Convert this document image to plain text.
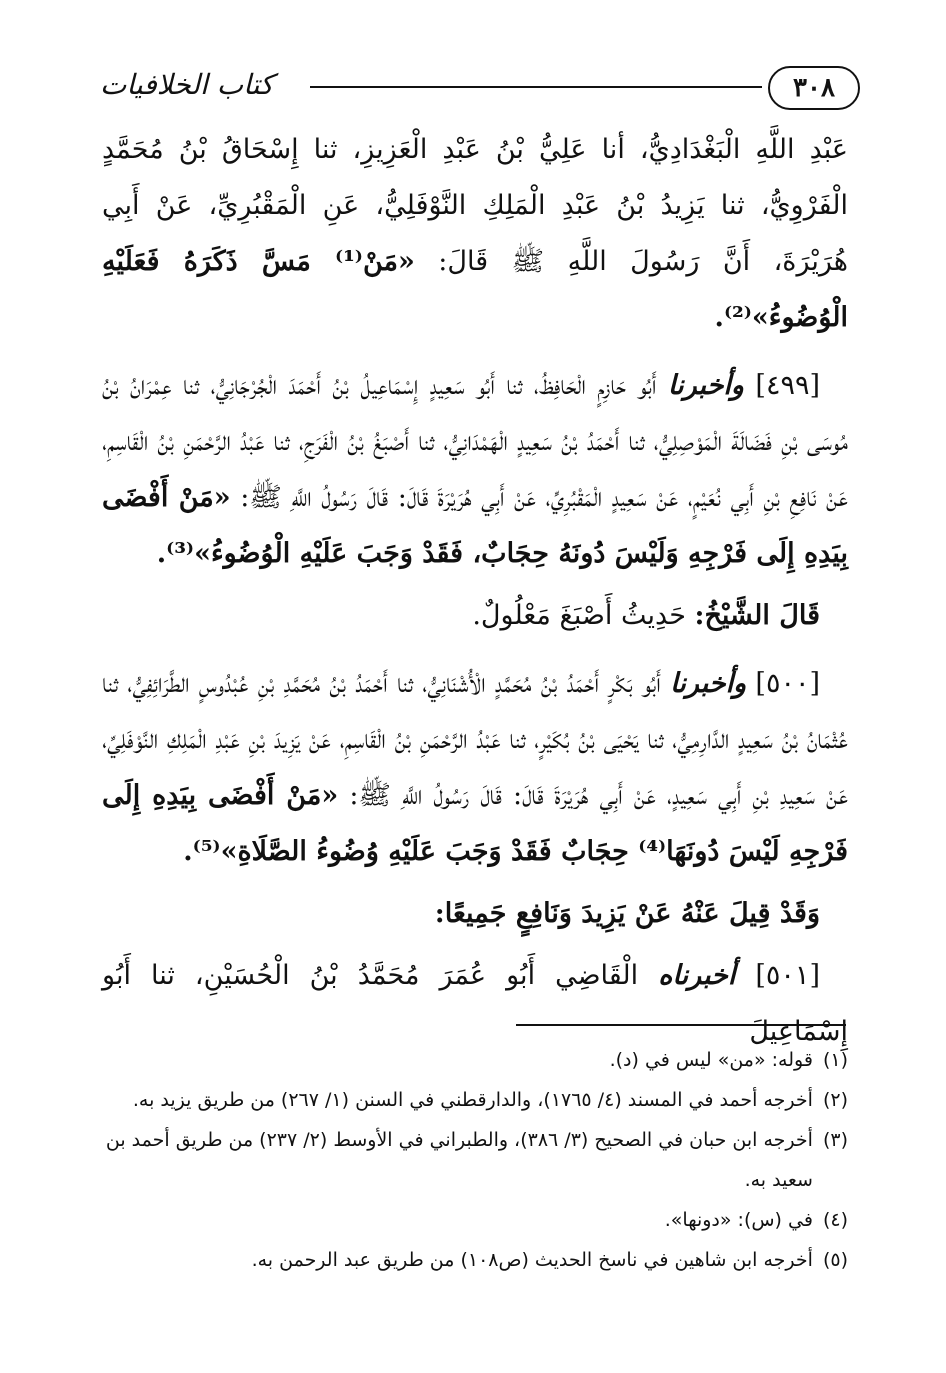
٣٠٨
كتاب الخلافيات

عَبْدِ اللَّهِ الْبَغْدَادِيُّ، أنا عَلِيُّ بْنُ عَبْدِ الْعَزِيزِ، ثنا إِسْحَاقُ بْنُ مُحَمَّدٍ الْفَرْوِيُّ، ثنا يَزِيدُ بْنُ عَبْدِ الْمَلِكِ النَّوْفَلِيُّ، عَنِ الْمَقْبُرِيِّ، عَنْ أَبِي هُرَيْرَةَ، أَنَّ رَسُولَ اللَّهِ ﷺ قَالَ: «مَنْ⁽¹⁾ مَسَّ ذَكَرَهُ فَعَلَيْهِ الْوُضُوءُ»⁽²⁾.

[٤٩٩] وأخبرنا أَبُو حَازِمٍ الْحَافِظُ، ثنا أَبُو سَعِيدٍ إِسْمَاعِيلُ بْنُ أَحْمَدَ الْجُرْجَانِيُّ، ثنا عِمْرَانُ بْنُ مُوسَى بْنِ فَضَالَةَ الْمَوْصِلِيُّ، ثنا أَحْمَدُ بْنُ سَعِيدٍ الْهَمْدَانِيُّ، ثنا أَصْبَغُ بْنُ الْفَرَجِ، ثنا عَبْدُ الرَّحْمَنِ بْنُ الْقَاسِمِ، عَنْ نَافِعِ بْنِ أَبِي نُعَيْمٍ، عَنْ سَعِيدٍ الْمَقْبُرِيِّ، عَنْ أَبِي هُرَيْرَةَ قَالَ: قَالَ رَسُولُ اللَّهِ ﷺ: «مَنْ أَفْضَى بِيَدِهِ إِلَى فَرْجِهِ وَلَيْسَ دُونَهُ حِجَابٌ، فَقَدْ وَجَبَ عَلَيْهِ الْوُضُوءُ»⁽³⁾.

قَالَ الشَّيْخُ: حَدِيثُ أَصْبَغَ مَعْلُولٌ.

[٥٠٠] وأخبرنا أَبُو بَكْرٍ أَحْمَدُ بْنُ مُحَمَّدٍ الْأُشْنَانِيُّ، ثنا أَحْمَدُ بْنُ مُحَمَّدِ بْنِ عُبْدُوسٍ الطَّرَائِفِيُّ، ثنا عُثْمَانُ بْنُ سَعِيدٍ الدَّارِمِيُّ، ثنا يَحْيَى بْنُ بُكَيْرٍ، ثنا عَبْدُ الرَّحْمَنِ بْنُ الْقَاسِمِ، عَنْ يَزِيدَ بْنِ عَبْدِ الْمَلِكِ النَّوْفَلِيِّ، عَنْ سَعِيدِ بْنِ أَبِي سَعِيدٍ، عَنْ أَبِي هُرَيْرَةَ قَالَ: قَالَ رَسُولُ اللَّهِ ﷺ: «مَنْ أَفْضَى بِيَدِهِ إِلَى فَرْجِهِ لَيْسَ دُونَهَا⁽⁴⁾ حِجَابٌ فَقَدْ وَجَبَ عَلَيْهِ وُضُوءُ الصَّلَاةِ»⁽⁵⁾.

وَقَدْ قِيلَ عَنْهُ عَنْ يَزِيدَ وَنَافِعٍ جَمِيعًا:

[٥٠١] أخبرناه الْقَاضِي أَبُو عُمَرَ مُحَمَّدُ بْنُ الْحُسَيْنِ، ثنا أَبُو إِسْمَاعِيلَ

(١)
قوله: «من» ليس في (د).
(٢)
أخرجه أحمد في المسند (٤/ ١٧٦٥)، والدارقطني في السنن (١/ ٢٦٧) من طريق يزيد به.
(٣)
أخرجه ابن حبان في الصحيح (٣/ ٣٨٦)، والطبراني في الأوسط (٢/ ٢٣٧) من طريق أحمد بن سعيد به.
(٤)
في (س): «دونها».
(٥)
أخرجه ابن شاهين في ناسخ الحديث (ص١٠٨) من طريق عبد الرحمن به.
